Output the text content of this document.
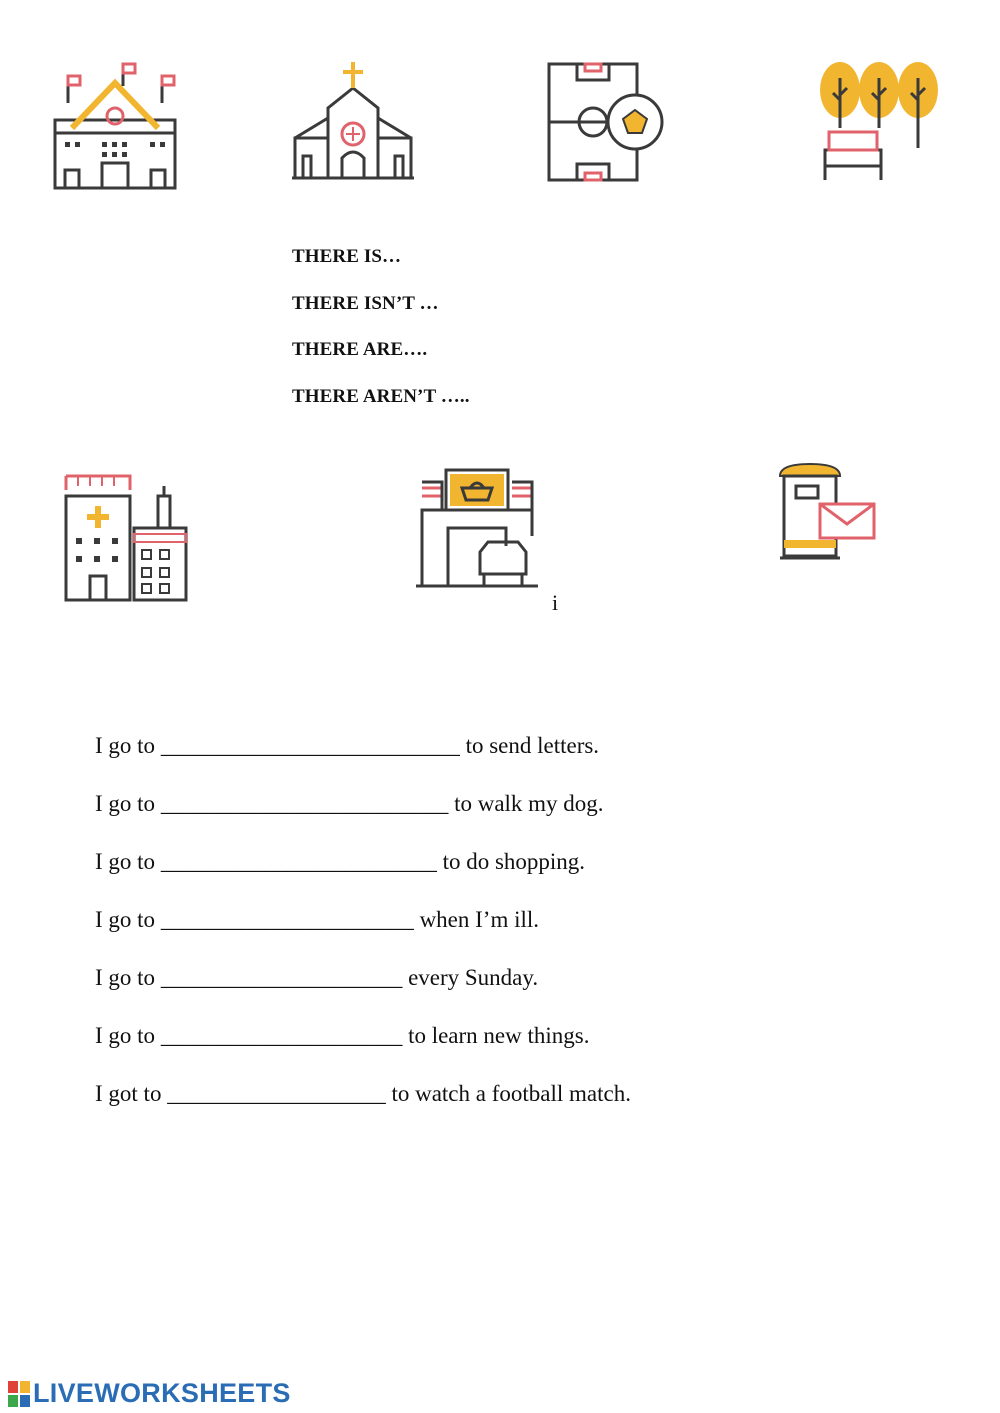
THERE IS…
THERE ISN’T …
THERE ARE….
THERE AREN’T …..
i
I go to __________________________ to send letters.
I go to _________________________ to walk my dog.
I go to ________________________ to do shopping.
I go to ______________________ when I’m ill.
I go to _____________________ every Sunday.
I go to _____________________ to learn new things.
I got to ___________________ to watch a football match.
LIVEWORKSHEETS
